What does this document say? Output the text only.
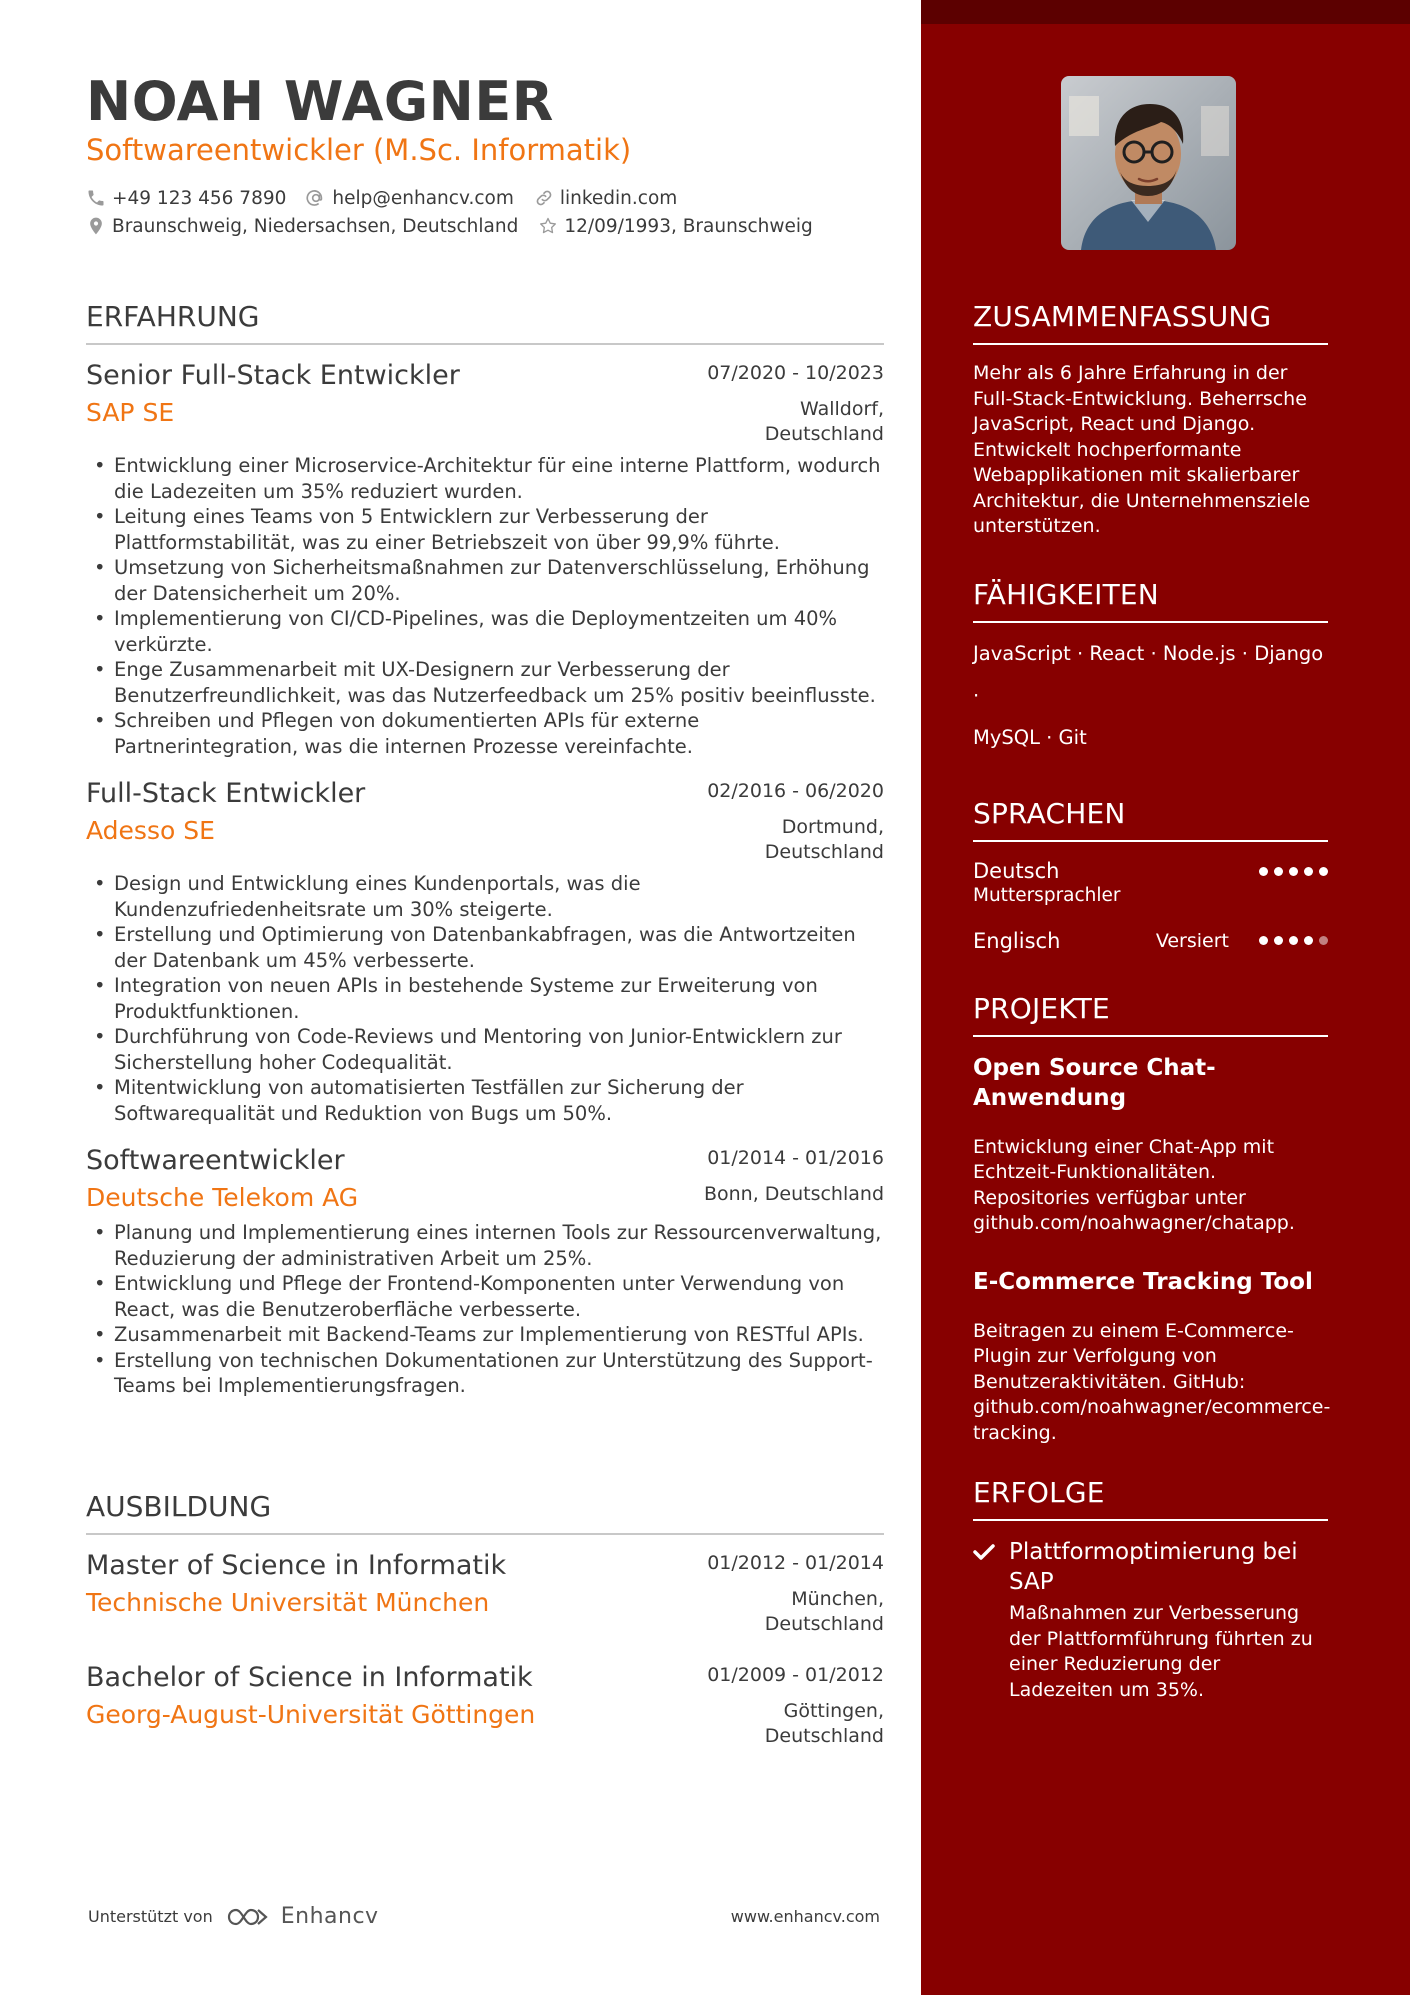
NOAH WAGNER
Softwareentwickler (M.Sc. Informatik)
+49 123 456 7890 help@enhancv.com linkedin.com
Braunschweig, Niedersachsen, Deutschland 12/09/1993, Braunschweig
ERFAHRUNG
Senior Full-Stack Entwickler	07/2020 - 10/2023
SAP SE	Walldorf,
Deutschland
• Entwicklung einer Microservice-Architektur für eine interne Plattform, wodurch die Ladezeiten um 35% reduziert wurden.
• Leitung eines Teams von 5 Entwicklern zur Verbesserung der Plattformstabilität, was zu einer Betriebszeit von über 99,9% führte.
• Umsetzung von Sicherheitsmaßnahmen zur Datenverschlüsselung, Erhöhung der Datensicherheit um 20%.
• Implementierung von CI/CD-Pipelines, was die Deploymentzeiten um 40% verkürzte.
• Enge Zusammenarbeit mit UX-Designern zur Verbesserung der Benutzerfreundlichkeit, was das Nutzerfeedback um 25% positiv beeinflusste.
• Schreiben und Pflegen von dokumentierten APIs für externe Partnerintegration, was die internen Prozesse vereinfachte.
Full-Stack Entwickler	02/2016 - 06/2020
Adesso SE	Dortmund,
Deutschland
• Design und Entwicklung eines Kundenportals, was die Kundenzufriedenheitsrate um 30% steigerte.
• Erstellung und Optimierung von Datenbankabfragen, was die Antwortzeiten der Datenbank um 45% verbesserte.
• Integration von neuen APIs in bestehende Systeme zur Erweiterung von Produktfunktionen.
• Durchführung von Code-Reviews und Mentoring von Junior-Entwicklern zur Sicherstellung hoher Codequalität.
• Mitentwicklung von automatisierten Testfällen zur Sicherung der Softwarequalität und Reduktion von Bugs um 50%.
Softwareentwickler	01/2014 - 01/2016
Deutsche Telekom AG	Bonn, Deutschland
• Planung und Implementierung eines internen Tools zur Ressourcenverwaltung, Reduzierung der administrativen Arbeit um 25%.
• Entwicklung und Pflege der Frontend-Komponenten unter Verwendung von React, was die Benutzeroberfläche verbesserte.
• Zusammenarbeit mit Backend-Teams zur Implementierung von RESTful APIs.
• Erstellung von technischen Dokumentationen zur Unterstützung des Support-Teams bei Implementierungsfragen.
AUSBILDUNG
Master of Science in Informatik	01/2012 - 01/2014
Technische Universität München	München,
Deutschland
Bachelor of Science in Informatik	01/2009 - 01/2012
Georg-August-Universität Göttingen	Göttingen,
Deutschland
Unterstützt von	Enhancv	www.enhancv.com
ZUSAMMENFASSUNG
Mehr als 6 Jahre Erfahrung in der Full-Stack-Entwicklung. Beherrsche JavaScript, React und Django. Entwickelt hochperformante Webapplikationen mit skalierbarer Architektur, die Unternehmensziele unterstützen.
FÄHIGKEITEN
JavaScript · React · Node.js · Django ·
MySQL · Git
SPRACHEN
Deutsch
Muttersprachler
Englisch	Versiert
PROJEKTE
Open Source Chat-Anwendung
Entwicklung einer Chat-App mit Echtzeit-Funktionalitäten. Repositories verfügbar unter github.com/noahwagner/chatapp.
E-Commerce Tracking Tool
Beitragen zu einem E-Commerce-Plugin zur Verfolgung von Benutzeraktivitäten. GitHub: github.com/noahwagner/ecommerce-tracking.
ERFOLGE
Plattformoptimierung bei SAP
Maßnahmen zur Verbesserung der Plattformführung führten zu einer Reduzierung der Ladezeiten um 35%.
